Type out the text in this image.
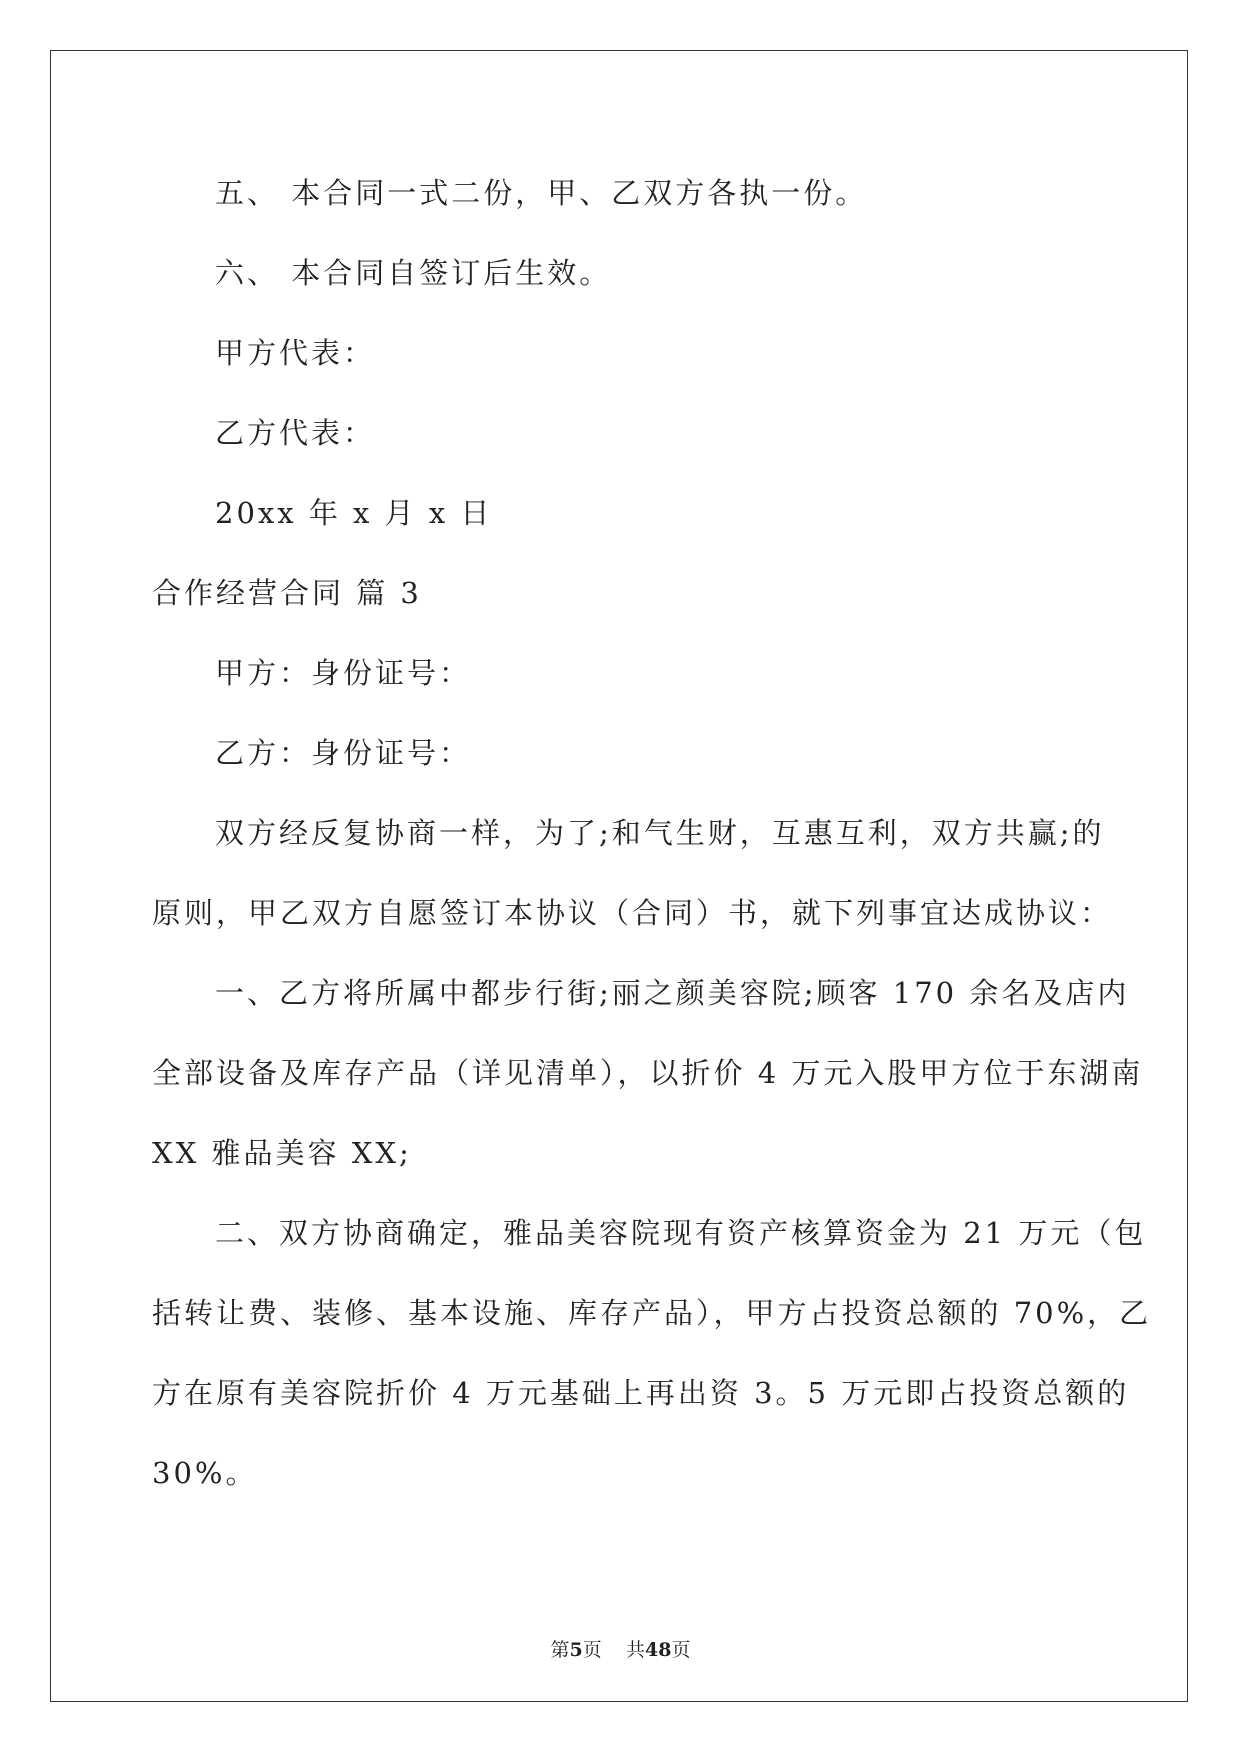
五、 本合同一式二份，甲、乙双方各执一份。

六、 本合同自签订后生效。

甲方代表：

乙方代表：

20xx 年 x 月 x 日

合作经营合同 篇 3

甲方：身份证号：

乙方：身份证号：

双方经反复协商一样，为了;和气生财，互惠互利，双方共赢;的

原则，甲乙双方自愿签订本协议（合同）书，就下列事宜达成协议：

一、乙方将所属中都步行街;丽之颜美容院;顾客 170 余名及店内

全部设备及库存产品（详见清单），以折价 4 万元入股甲方位于东湖南

XX 雅品美容 XX;

二、双方协商确定，雅品美容院现有资产核算资金为 21 万元（包

括转让费、装修、基本设施、库存产品），甲方占投资总额的 70%，乙

方在原有美容院折价 4 万元基础上再出资 3。5 万元即占投资总额的

30%。

第5页 共48页
